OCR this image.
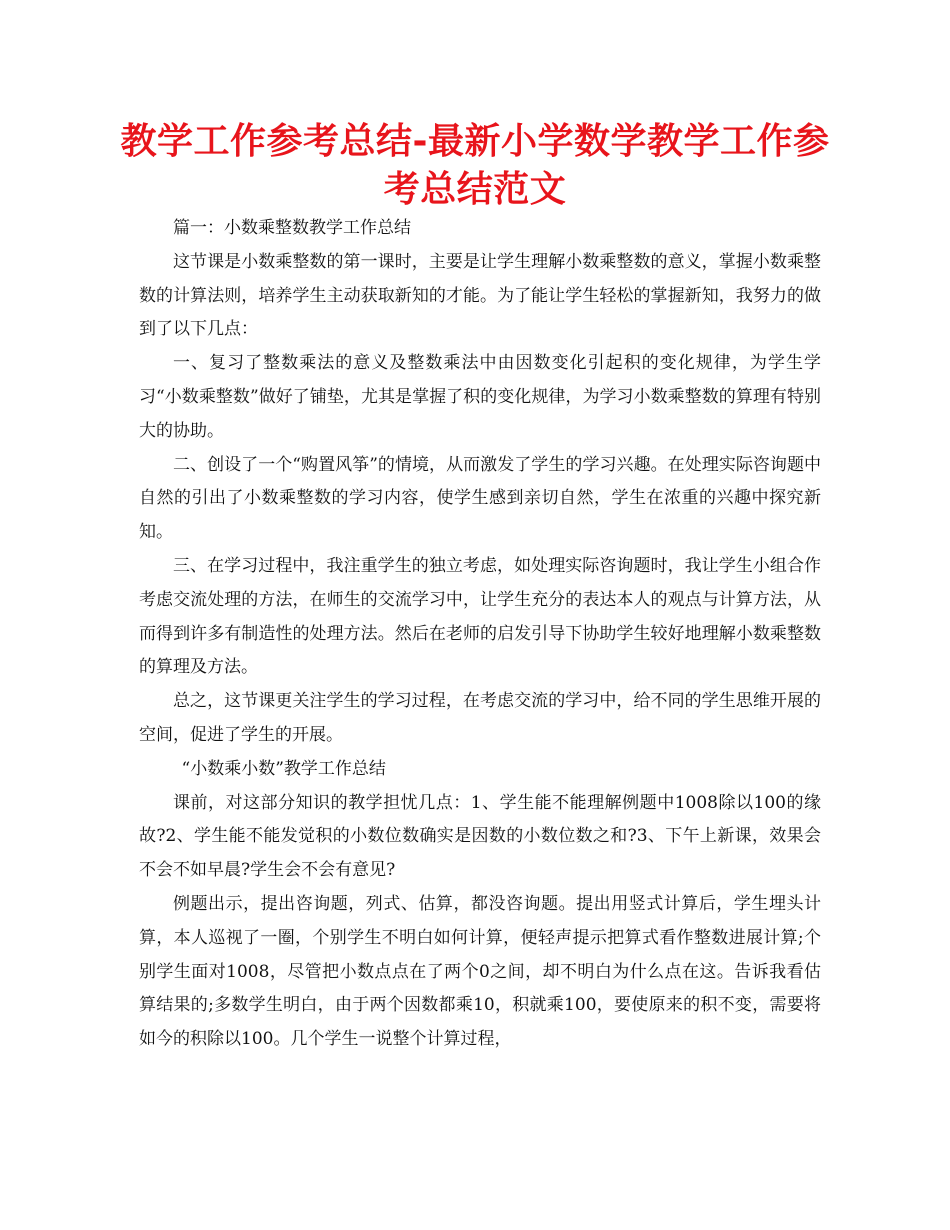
教学工作参考总结-最新小学数学教学工作参考总结范文

篇一：小数乘整数教学工作总结

这节课是小数乘整数的第一课时，主要是让学生理解小数乘整数的意义，掌握小数乘整数的计算法则，培养学生主动获取新知的才能。为了能让学生轻松的掌握新知，我努力的做到了以下几点：

一、复习了整数乘法的意义及整数乘法中由因数变化引起积的变化规律，为学生学习“小数乘整数”做好了铺垫，尤其是掌握了积的变化规律，为学习小数乘整数的算理有特别大的协助。

二、创设了一个“购置风筝”的情境，从而激发了学生的学习兴趣。在处理实际咨询题中自然的引出了小数乘整数的学习内容，使学生感到亲切自然，学生在浓重的兴趣中探究新知。

三、在学习过程中，我注重学生的独立考虑，如处理实际咨询题时，我让学生小组合作考虑交流处理的方法，在师生的交流学习中，让学生充分的表达本人的观点与计算方法，从而得到许多有制造性的处理方法。然后在老师的启发引导下协助学生较好地理解小数乘整数的算理及方法。

总之，这节课更关注学生的学习过程，在考虑交流的学习中，给不同的学生思维开展的空间，促进了学生的开展。

“小数乘小数”教学工作总结

课前，对这部分知识的教学担忧几点：1、学生能不能理解例题中1008除以100的缘故?2、学生能不能发觉积的小数位数确实是因数的小数位数之和?3、下午上新课，效果会不会不如早晨?学生会不会有意见?

例题出示，提出咨询题，列式、估算，都没咨询题。提出用竖式计算后，学生埋头计算，本人巡视了一圈，个别学生不明白如何计算，便轻声提示把算式看作整数进展计算;个别学生面对1008，尽管把小数点点在了两个0之间，却不明白为什么点在这。告诉我看估算结果的;多数学生明白，由于两个因数都乘10，积就乘100，要使原来的积不变，需要将如今的积除以100。几个学生一说整个计算过程，
